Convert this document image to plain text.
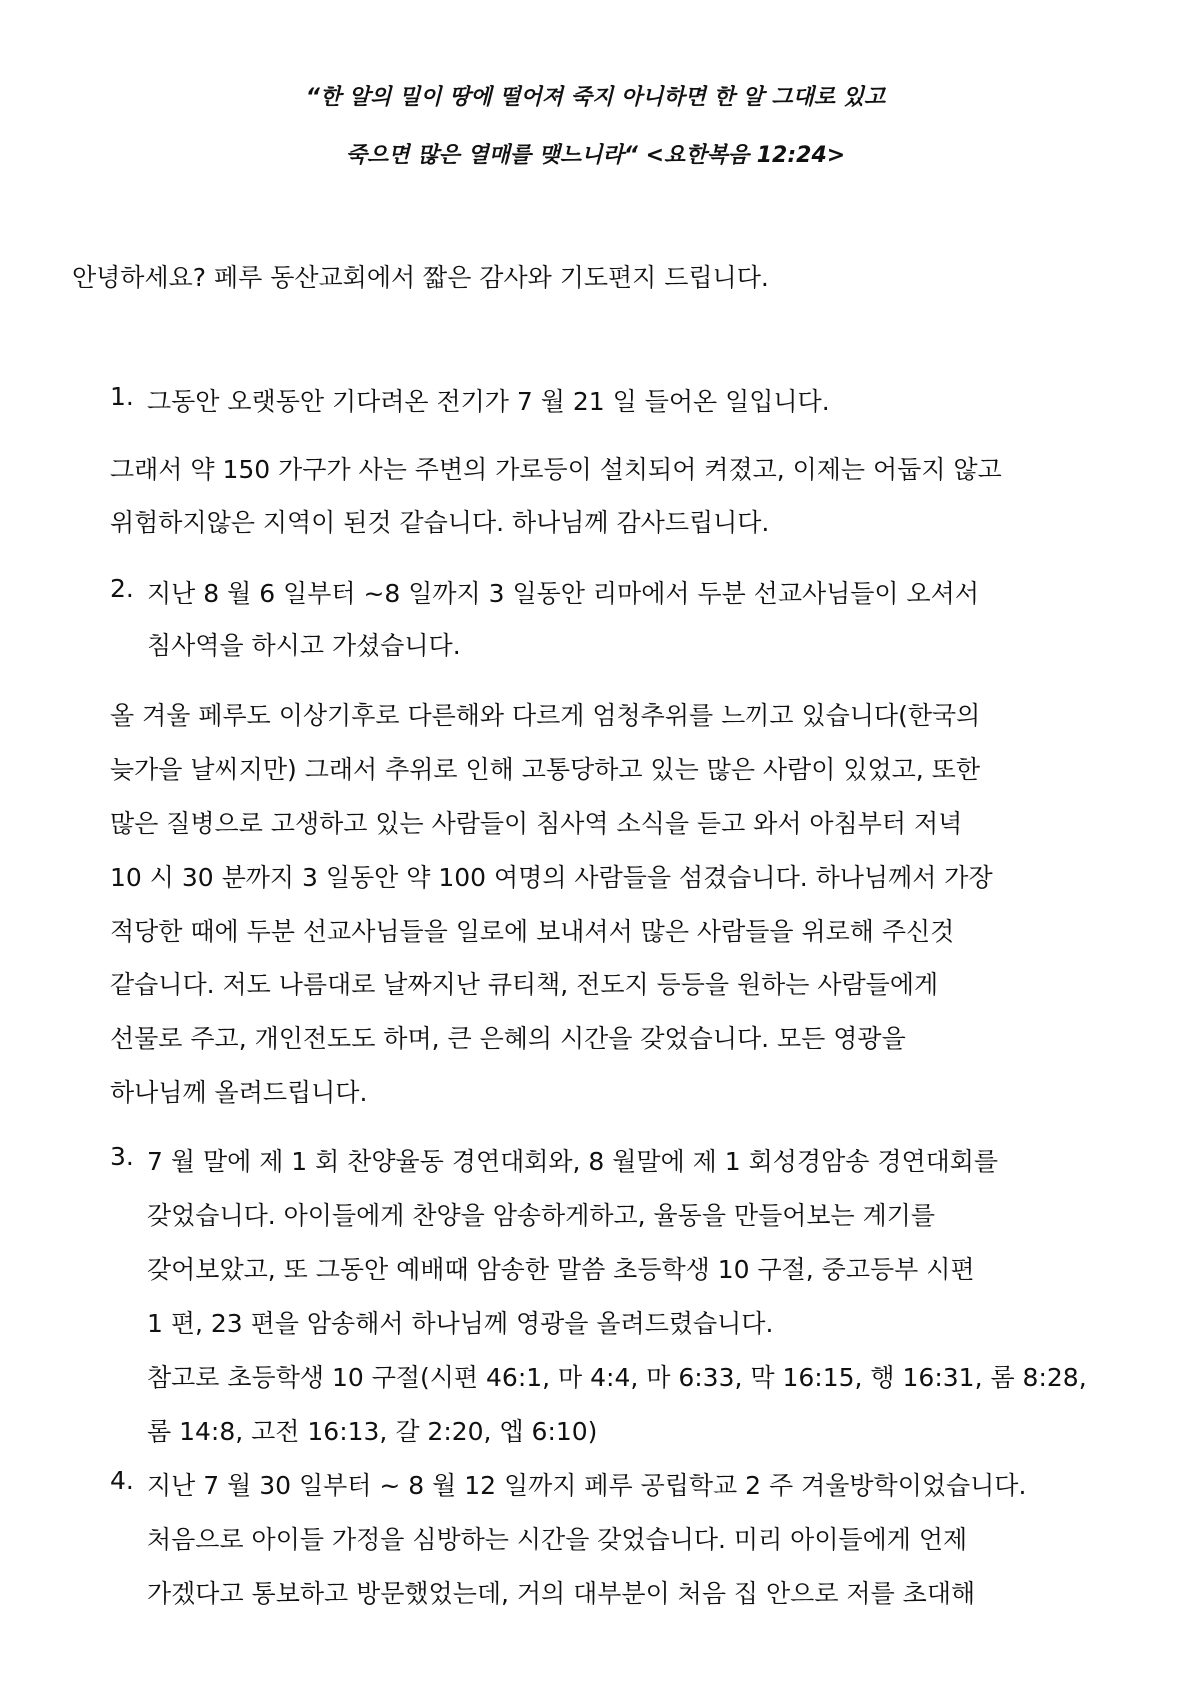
“한 알의 밀이 땅에 떨어져 죽지 아니하면 한 알 그대로 있고
죽으면 많은 열매를 맺느니라“ <요한복음 12:24>
안녕하세요? 페루 동산교회에서 짧은 감사와 기도편지 드립니다.
1. 그동안 오랫동안 기다려온 전기가 7 월 21 일 들어온 일입니다.
그래서 약 150 가구가 사는 주변의 가로등이 설치되어 켜졌고, 이제는 어둡지 않고
위험하지않은 지역이 된것 같습니다. 하나님께 감사드립니다.
2. 지난 8 월 6 일부터 ~8 일까지 3 일동안 리마에서 두분 선교사님들이 오셔서
침사역을 하시고 가셨습니다.
올 겨울 페루도 이상기후로 다른해와 다르게 엄청추위를 느끼고 있습니다(한국의
늦가을 날씨지만) 그래서 추위로 인해 고통당하고 있는 많은 사람이 있었고, 또한
많은 질병으로 고생하고 있는 사람들이 침사역 소식을 듣고 와서 아침부터 저녁
10 시 30 분까지 3 일동안 약 100 여명의 사람들을 섬겼습니다. 하나님께서 가장
적당한 때에 두분 선교사님들을 일로에 보내셔서 많은 사람들을 위로해 주신것
같습니다. 저도 나름대로 날짜지난 큐티책, 전도지 등등을 원하는 사람들에게
선물로 주고, 개인전도도 하며, 큰 은혜의 시간을 갖었습니다. 모든 영광을
하나님께 올려드립니다.
3. 7 월 말에 제 1 회 찬양율동 경연대회와, 8 월말에 제 1 회성경암송 경연대회를
갖었습니다. 아이들에게 찬양을 암송하게하고, 율동을 만들어보는 계기를
갖어보았고, 또 그동안 예배때 암송한 말씀 초등학생 10 구절, 중고등부 시편
1 편, 23 편을 암송해서 하나님께 영광을 올려드렸습니다.
참고로 초등학생 10 구절(시편 46:1, 마 4:4, 마 6:33, 막 16:15, 행 16:31, 롬 8:28,
롬 14:8, 고전 16:13, 갈 2:20, 엡 6:10)
4. 지난 7 월 30 일부터 ~ 8 월 12 일까지 페루 공립학교 2 주 겨울방학이었습니다.
처음으로 아이들 가정을 심방하는 시간을 갖었습니다. 미리 아이들에게 언제
가겠다고 통보하고 방문했었는데, 거의 대부분이 처음 집 안으로 저를 초대해
